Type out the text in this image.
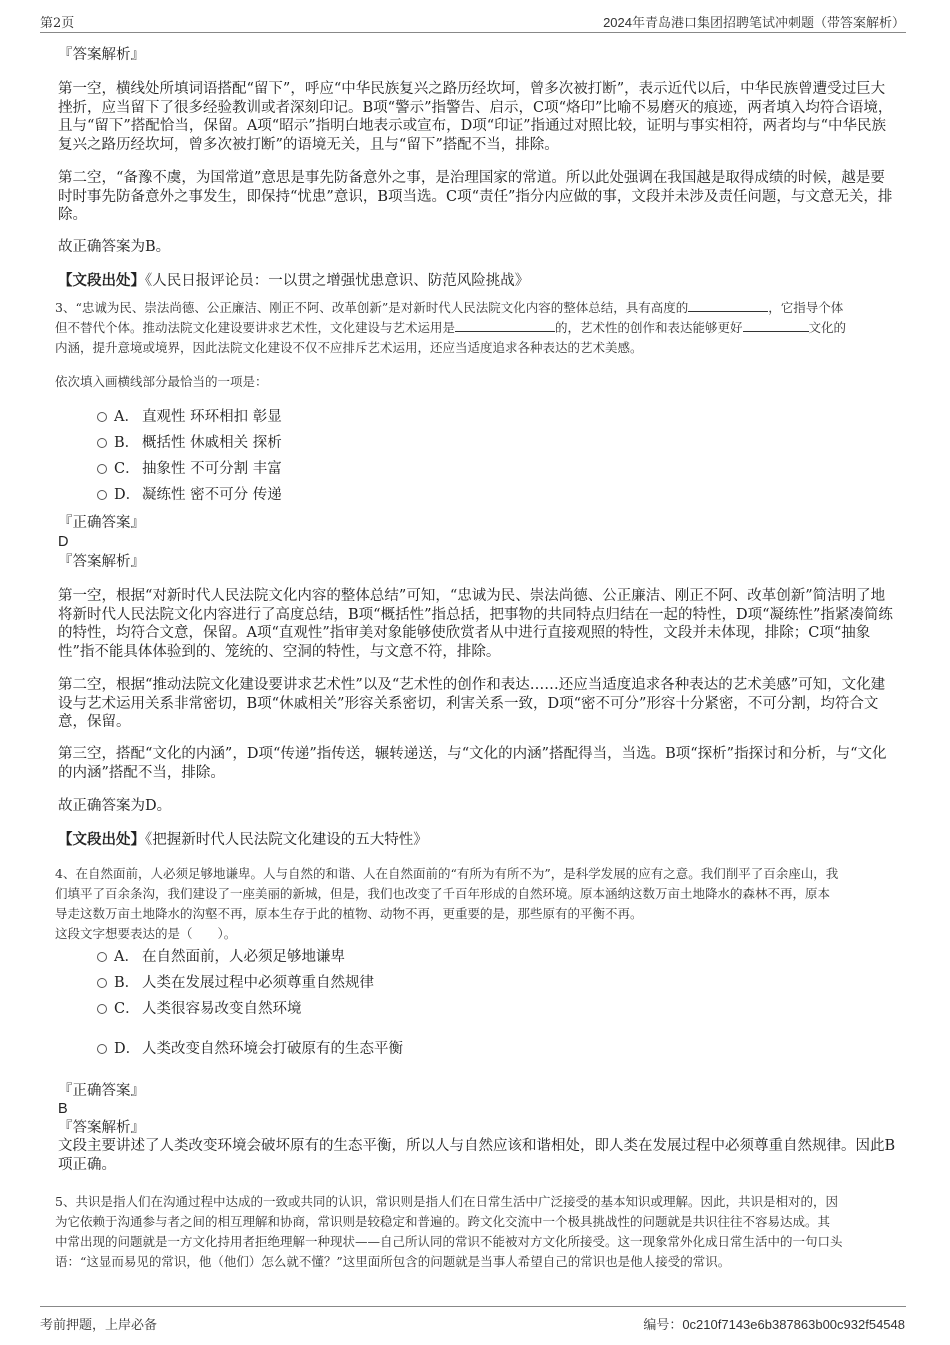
第2页	2024年青岛港口集团招聘笔试冲刺题（带答案解析）
『答案解析』
第一空，横线处所填词语搭配“留下”，呼应“中华民族复兴之路历经坎坷，曾多次被打断”，表示近代以后，中华民族曾遭受过巨大挫折，应当留下了很多经验教训或者深刻印记。B项“警示”指警告、启示，C项“烙印”比喻不易磨灭的痕迹，两者填入均符合语境，且与“留下”搭配恰当，保留。A项“昭示”指明白地表示或宣布，D项“印证”指通过对照比较，证明与事实相符，两者均与“中华民族复兴之路历经坎坷，曾多次被打断”的语境无关，且与“留下”搭配不当，排除。
第二空，“备豫不虞，为国常道”意思是事先防备意外之事，是治理国家的常道。所以此处强调在我国越是取得成绩的时候，越是要时时事先防备意外之事发生，即保持“忧患”意识，B项当选。C项“责任”指分内应做的事，文段并未涉及责任问题，与文意无关，排除。
故正确答案为B。
【文段出处】《人民日报评论员：一以贯之增强忧患意识、防范风险挑战》
3、“忠诚为民、崇法尚德、公正廉洁、刚正不阿、改革创新”是对新时代人民法院文化内容的整体总结，具有高度的	，它指导个体
但不替代个体。推动法院文化建设要讲求艺术性，文化建设与艺术运用是	的，艺术性的创作和表达能够更好	文化的
内涵，提升意境或境界，因此法院文化建设不仅不应排斥艺术运用，还应当适度追求各种表达的艺术美感。
依次填入画横线部分最恰当的一项是：
A． 直观性 环环相扣 彰显
B． 概括性 休戚相关 探析
C． 抽象性 不可分割 丰富
D． 凝练性 密不可分 传递
『正确答案』
D
『答案解析』
第一空，根据“对新时代人民法院文化内容的整体总结”可知，“忠诚为民、崇法尚德、公正廉洁、刚正不阿、改革创新”简洁明了地将新时代人民法院文化内容进行了高度总结，B项“概括性”指总括，把事物的共同特点归结在一起的特性，D项“凝练性”指紧凑简练的特性，均符合文意，保留。A项“直观性”指审美对象能够使欣赏者从中进行直接观照的特性，文段并未体现，排除；C项“抽象性”指不能具体体验到的、笼统的、空洞的特性，与文意不符，排除。
第二空，根据“推动法院文化建设要讲求艺术性”以及“艺术性的创作和表达……还应当适度追求各种表达的艺术美感”可知，文化建设与艺术运用关系非常密切，B项“休戚相关”形容关系密切，利害关系一致，D项“密不可分”形容十分紧密，不可分割，均符合文意，保留。
第三空，搭配“文化的内涵”，D项“传递”指传送，辗转递送，与“文化的内涵”搭配得当，当选。B项“探析”指探讨和分析，与“文化的内涵”搭配不当，排除。
故正确答案为D。
【文段出处】《把握新时代人民法院文化建设的五大特性》
4、在自然面前，人必须足够地谦卑。人与自然的和谐、人在自然面前的“有所为有所不为”，是科学发展的应有之意。我们削平了百余座山，我
们填平了百余条沟，我们建设了一座美丽的新城，但是，我们也改变了千百年形成的自然环境。原本涵纳这数万亩土地降水的森林不再，原本
导走这数万亩土地降水的沟壑不再，原本生存于此的植物、动物不再，更重要的是，那些原有的平衡不再。
这段文字想要表达的是（　　）。
A． 在自然面前，人必须足够地谦卑
B． 人类在发展过程中必须尊重自然规律
C． 人类很容易改变自然环境
D． 人类改变自然环境会打破原有的生态平衡
『正确答案』
B
『答案解析』
文段主要讲述了人类改变环境会破坏原有的生态平衡，所以人与自然应该和谐相处，即人类在发展过程中必须尊重自然规律。因此B项正确。
5、共识是指人们在沟通过程中达成的一致或共同的认识，常识则是指人们在日常生活中广泛接受的基本知识或理解。因此，共识是相对的，因
为它依赖于沟通参与者之间的相互理解和协商，常识则是较稳定和普遍的。跨文化交流中一个极具挑战性的问题就是共识往往不容易达成。其
中常出现的问题就是一方文化持用者拒绝理解一种现状——自己所认同的常识不能被对方文化所接受。这一现象常外化成日常生活中的一句口头
语：“这显而易见的常识，他（他们）怎么就不懂？”这里面所包含的问题就是当事人希望自己的常识也是他人接受的常识。
考前押题，上岸必备	编号：0c210f7143e6b387863b00c932f54548
